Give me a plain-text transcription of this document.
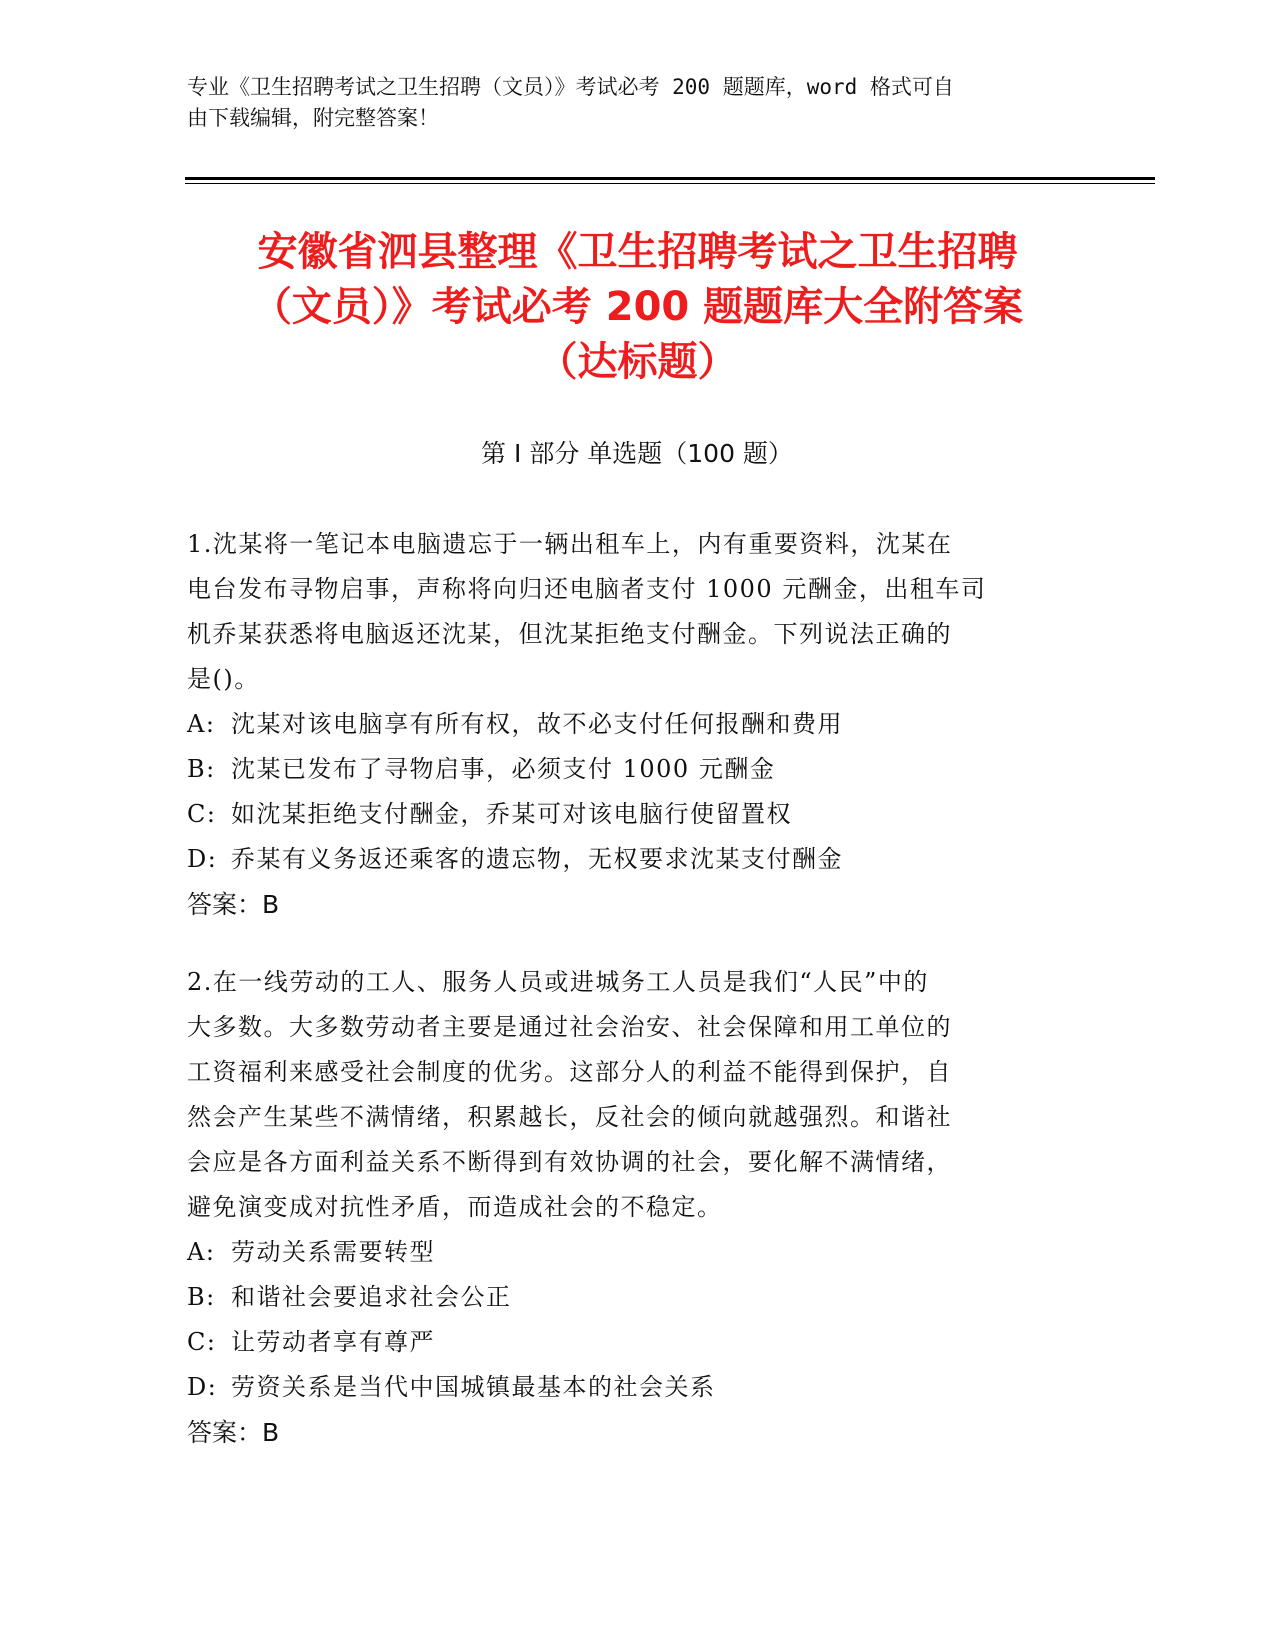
专业《卫生招聘考试之卫生招聘（文员）》考试必考 200 题题库，word 格式可自
由下载编辑，附完整答案！
安徽省泗县整理《卫生招聘考试之卫生招聘
（文员）》考试必考 200 题题库大全附答案
（达标题）
第 I 部分 单选题（100 题）

1.沈某将一笔记本电脑遗忘于一辆出租车上，内有重要资料，沈某在

电台发布寻物启事，声称将向归还电脑者支付 1000 元酬金，出租车司

机乔某获悉将电脑返还沈某，但沈某拒绝支付酬金。下列说法正确的

是()。

A: 沈某对该电脑享有所有权，故不必支付任何报酬和费用

B: 沈某已发布了寻物启事，必须支付 1000 元酬金

C: 如沈某拒绝支付酬金，乔某可对该电脑行使留置权

D: 乔某有义务返还乘客的遗忘物，无权要求沈某支付酬金

答案：B

2.在一线劳动的工人、服务人员或进城务工人员是我们“人民”中的

大多数。大多数劳动者主要是通过社会治安、社会保障和用工单位的

工资福利来感受社会制度的优劣。这部分人的利益不能得到保护，自

然会产生某些不满情绪，积累越长，反社会的倾向就越强烈。和谐社

会应是各方面利益关系不断得到有效协调的社会，要化解不满情绪，

避免演变成对抗性矛盾，而造成社会的不稳定。

A: 劳动关系需要转型

B: 和谐社会要追求社会公正

C: 让劳动者享有尊严

D: 劳资关系是当代中国城镇最基本的社会关系

答案：B
